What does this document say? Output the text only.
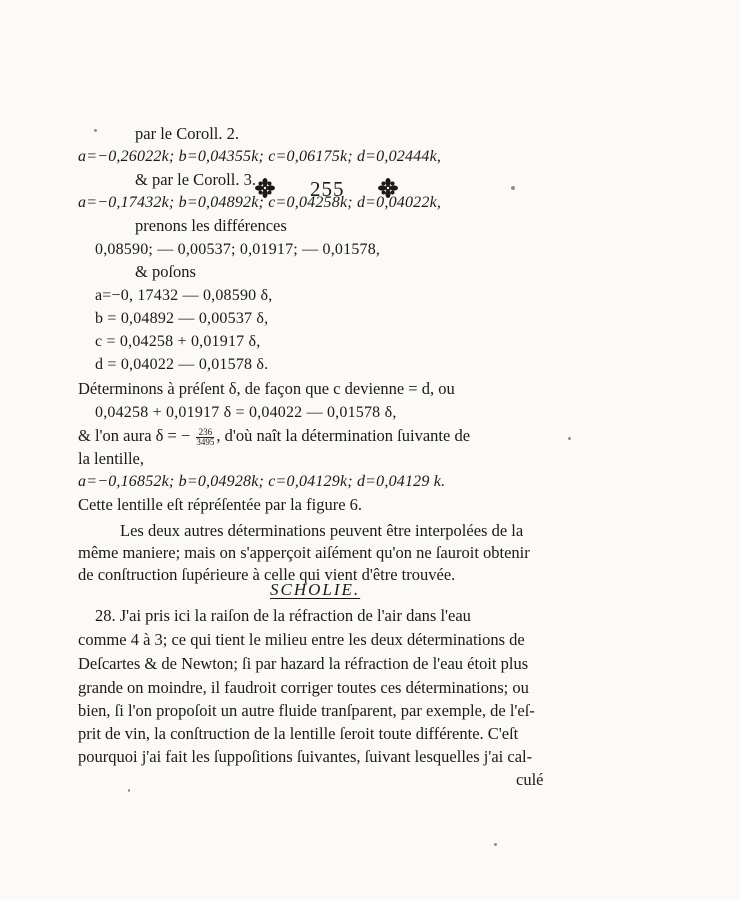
255
par le Coroll. 2.
a=−0,26022k; b=0,04355k; c=0,06175k; d=0,02444k,
& par le Coroll. 3.
a=−0,17432k; b=0,04892k; c=0,04258k; d=0,04022k,
prenons les différences
0,08590; — 0,00537; 0,01917; — 0,01578,
& poſons
a=−0, 17432 — 0,08590 δ,
b = 0,04892 — 0,00537 δ,
c = 0,04258 + 0,01917 δ,
d = 0,04022 — 0,01578 δ.
Déterminons à préſent δ, de façon que c devienne = d, ou
0,04258 + 0,01917 δ = 0,04022 — 0,01578 δ,
& l'on aura δ = − $\frac{236}{3495}$ , d'où naît la détermination ſuivante de
la lentille,
a=−0,16852k; b=0,04928k; c=0,04129k; d=0,04129 k.
Cette lentille eſt répréſentée par la figure 6.
Les deux autres déterminations peuvent être interpolées de la
même maniere; mais on s'apperçoit aiſément qu'on ne ſauroit obtenir
de conſtruction ſupérieure à celle qui vient d'être trouvée.
SCHOLIE.
28. J'ai pris ici la raiſon de la réfraction de l'air dans l'eau
comme 4 à 3; ce qui tient le milieu entre les deux déterminations de
Deſcartes & de Newton; ſi par hazard la réfraction de l'eau étoit plus
grande on moindre, il faudroit corriger toutes ces déterminations; ou
bien, ſi l'on propoſoit un autre fluide tranſparent, par exemple, de l'eſ-
prit de vin, la conſtruction de la lentille ſeroit toute différente. C'eſt
pourquoi j'ai fait les ſuppoſitions ſuivantes, ſuivant lesquelles j'ai cal-
culé
